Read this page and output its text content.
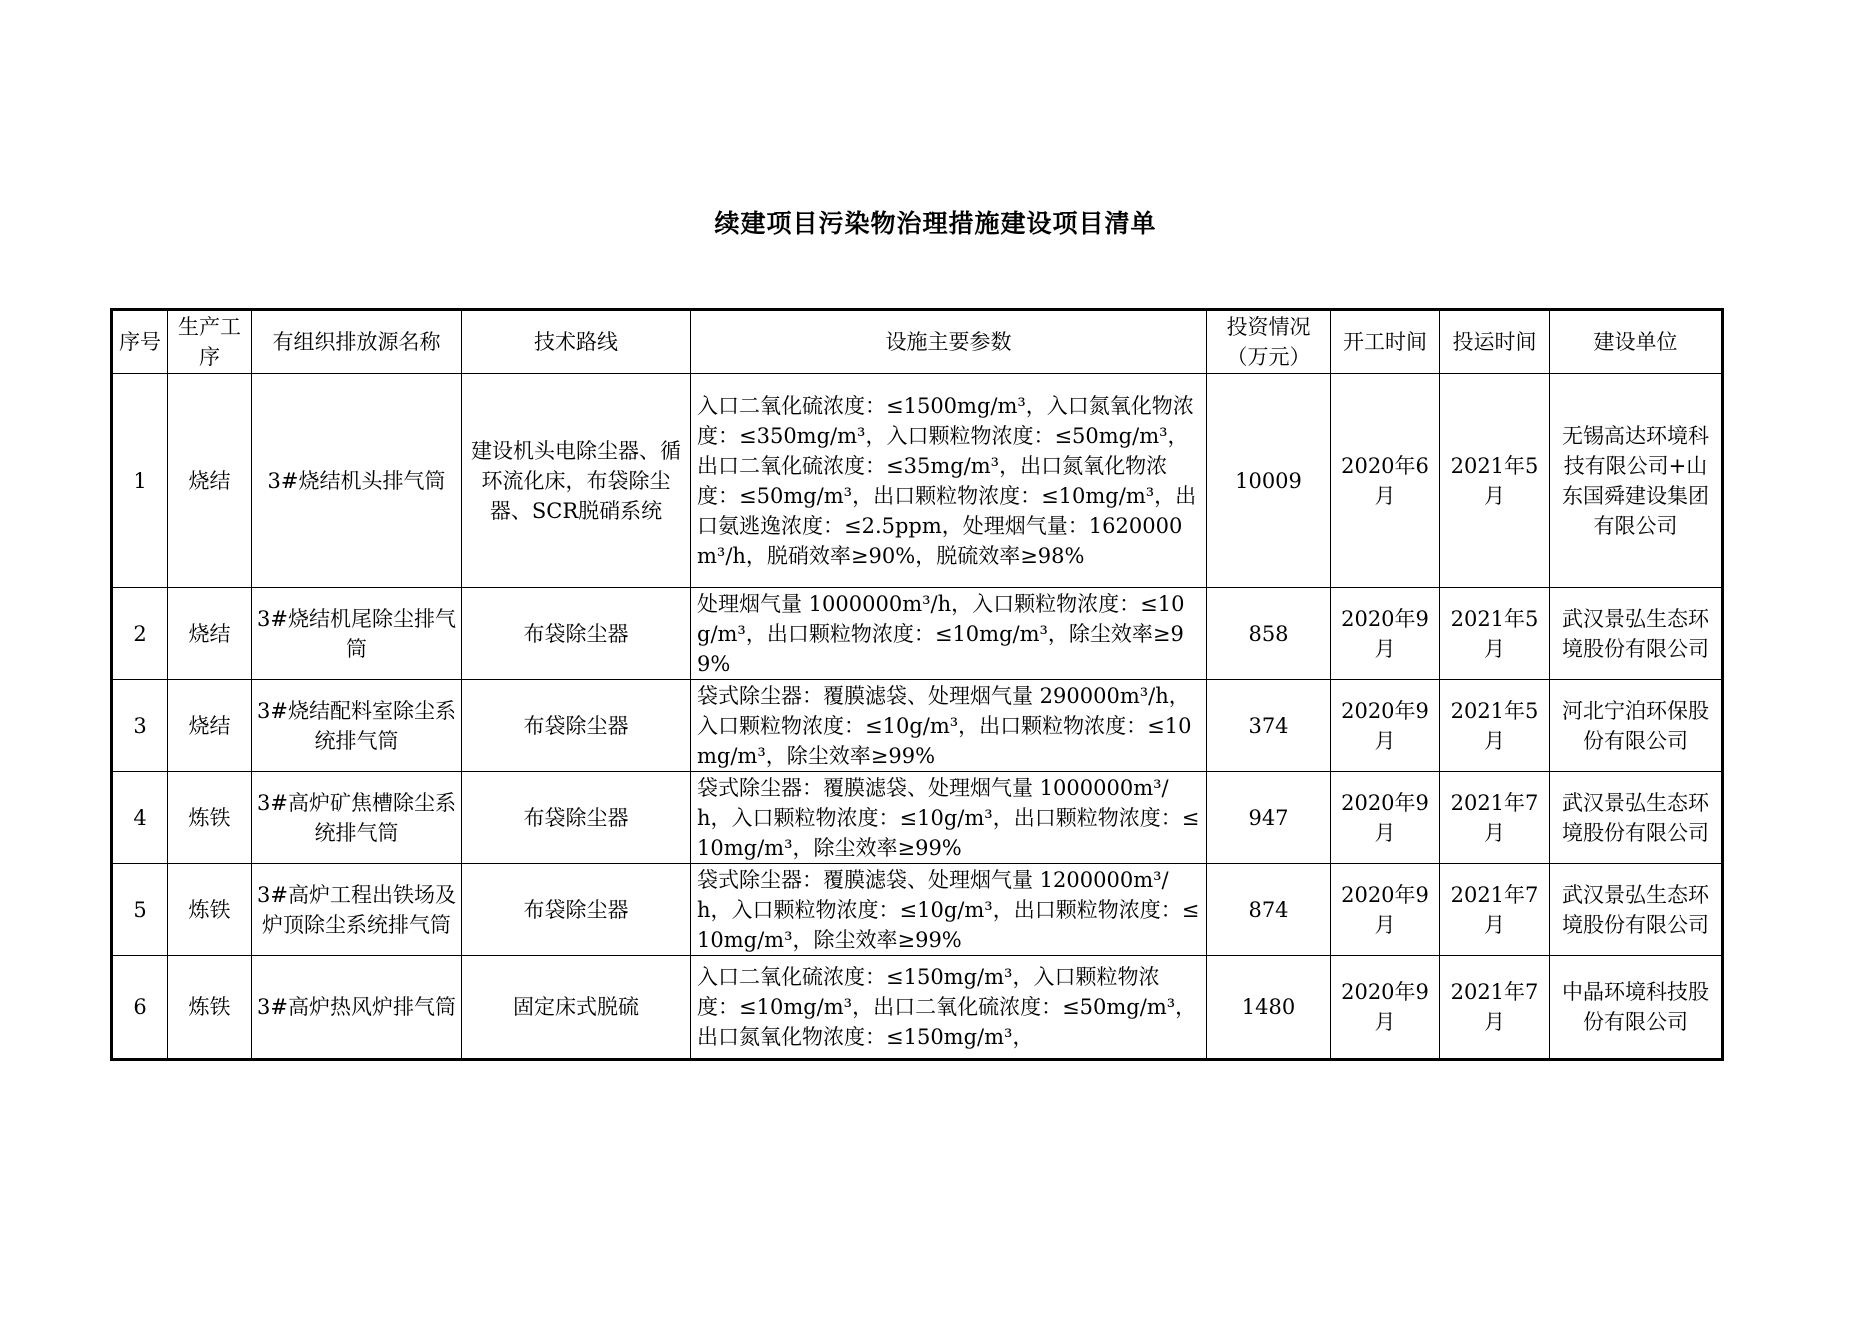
续建项目污染物治理措施建设项目清单
序号	生产工序	有组织排放源名称	技术路线	设施主要参数	投资情况（万元）	开工时间	投运时间	建设单位
1	烧结	3#烧结机头排气筒	建设机头电除尘器、循环流化床，布袋除尘器、SCR脱硝系统	入口二氧化硫浓度：≤1500mg/m³，入口氮氧化物浓度：≤350mg/m³，入口颗粒物浓度：≤50mg/m³，出口二氧化硫浓度：≤35mg/m³，出口氮氧化物浓度：≤50mg/m³，出口颗粒物浓度：≤10mg/m³，出口氨逃逸浓度：≤2.5ppm，处理烟气量：1620000m³/h，脱硝效率≥90%，脱硫效率≥98%	10009	2020年6月	2021年5月	无锡高达环境科技有限公司+山东国舜建设集团有限公司
2	烧结	3#烧结机尾除尘排气筒	布袋除尘器	处理烟气量 1000000m³/h，入口颗粒物浓度：≤10g/m³，出口颗粒物浓度：≤10mg/m³，除尘效率≥99%	858	2020年9月	2021年5月	武汉景弘生态环境股份有限公司
3	烧结	3#烧结配料室除尘系统排气筒	布袋除尘器	袋式除尘器：覆膜滤袋、处理烟气量 290000m³/h，入口颗粒物浓度：≤10g/m³，出口颗粒物浓度：≤10mg/m³，除尘效率≥99%	374	2020年9月	2021年5月	河北宁泊环保股份有限公司
4	炼铁	3#高炉矿焦槽除尘系统排气筒	布袋除尘器	袋式除尘器：覆膜滤袋、处理烟气量 1000000m³/h，入口颗粒物浓度：≤10g/m³，出口颗粒物浓度：≤10mg/m³，除尘效率≥99%	947	2020年9月	2021年7月	武汉景弘生态环境股份有限公司
5	炼铁	3#高炉工程出铁场及炉顶除尘系统排气筒	布袋除尘器	袋式除尘器：覆膜滤袋、处理烟气量 1200000m³/h，入口颗粒物浓度：≤10g/m³，出口颗粒物浓度：≤10mg/m³，除尘效率≥99%	874	2020年9月	2021年7月	武汉景弘生态环境股份有限公司
6	炼铁	3#高炉热风炉排气筒	固定床式脱硫	入口二氧化硫浓度：≤150mg/m³，入口颗粒物浓度：≤10mg/m³，出口二氧化硫浓度：≤50mg/m³，出口氮氧化物浓度：≤150mg/m³，	1480	2020年9月	2021年7月	中晶环境科技股份有限公司
